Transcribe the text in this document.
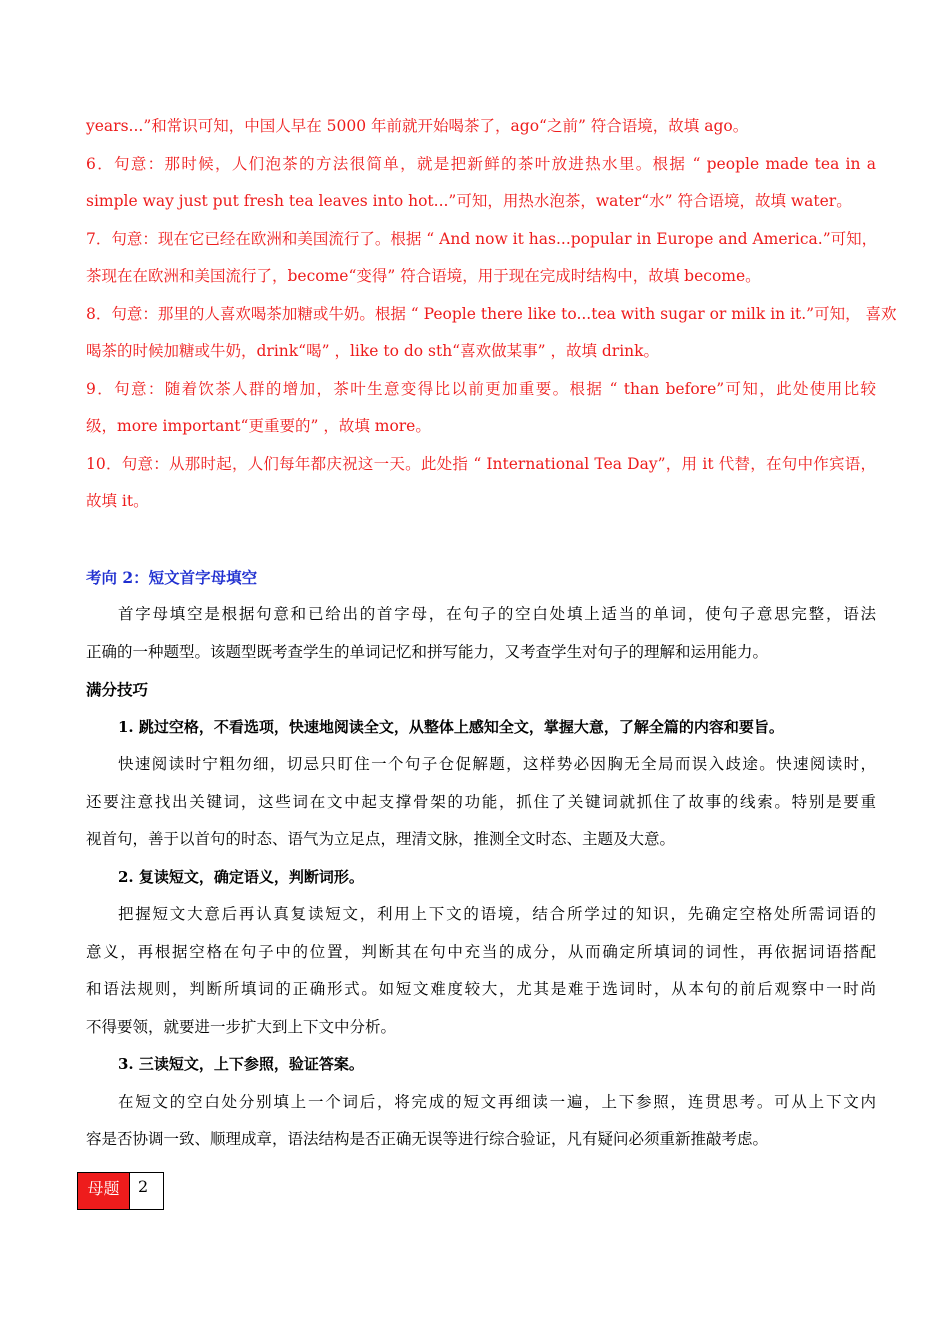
years...”和常识可知，中国人早在 5000 年前就开始喝茶了，ago“之前” 符合语境，故填 ago。
6．句意：那时候，人们泡茶的方法很简单，就是把新鲜的茶叶放进热水里。根据 “ people made tea in a
simple way just put fresh tea leaves into hot...”可知，用热水泡茶，water“水” 符合语境，故填 water。
7．句意：现在它已经在欧洲和美国流行了。根据 “ And now it has...popular in Europe and America.”可知，
茶现在在欧洲和美国流行了，become“变得” 符合语境，用于现在完成时结构中，故填 become。
8．句意：那里的人喜欢喝茶加糖或牛奶。根据 “ People there like to...tea with sugar or milk in it.”可知， 喜欢
喝茶的时候加糖或牛奶，drink“喝” ，like to do sth“喜欢做某事” ，故填 drink。
9．句意：随着饮茶人群的增加，茶叶生意变得比以前更加重要。根据 “ than before”可知，此处使用比较
级，more important“更重要的” ，故填 more。
10．句意：从那时起，人们每年都庆祝这一天。此处指 “ International Tea Day”，用 it 代替，在句中作宾语，
故填 it。
考向 2：短文首字母填空
首字母填空是根据句意和已给出的首字母，在句子的空白处填上适当的单词，使句子意思完整，语法
正确的一种题型。该题型既考查学生的单词记忆和拼写能力，又考查学生对句子的理解和运用能力。
满分技巧
1. 跳过空格，不看选项，快速地阅读全文，从整体上感知全文，掌握大意，了解全篇的内容和要旨。
快速阅读时宁粗勿细，切忌只盯住一个句子仓促解题，这样势必因胸无全局而误入歧途。快速阅读时，
还要注意找出关键词，这些词在文中起支撑骨架的功能，抓住了关键词就抓住了故事的线索。特别是要重
视首句，善于以首句的时态、语气为立足点，理清文脉，推测全文时态、主题及大意。
2. 复读短文，确定语义，判断词形。
把握短文大意后再认真复读短文，利用上下文的语境，结合所学过的知识，先确定空格处所需词语的
意义，再根据空格在句子中的位置，判断其在句中充当的成分，从而确定所填词的词性，再依据词语搭配
和语法规则，判断所填词的正确形式。如短文难度较大，尤其是难于选词时，从本句的前后观察中一时尚
不得要领，就要进一步扩大到上下文中分析。
3. 三读短文，上下参照，验证答案。
在短文的空白处分别填上一个词后，将完成的短文再细读一遍，上下参照，连贯思考。可从上下文内
容是否协调一致、顺理成章，语法结构是否正确无误等进行综合验证，凡有疑问必须重新推敲考虑。
母题	2
